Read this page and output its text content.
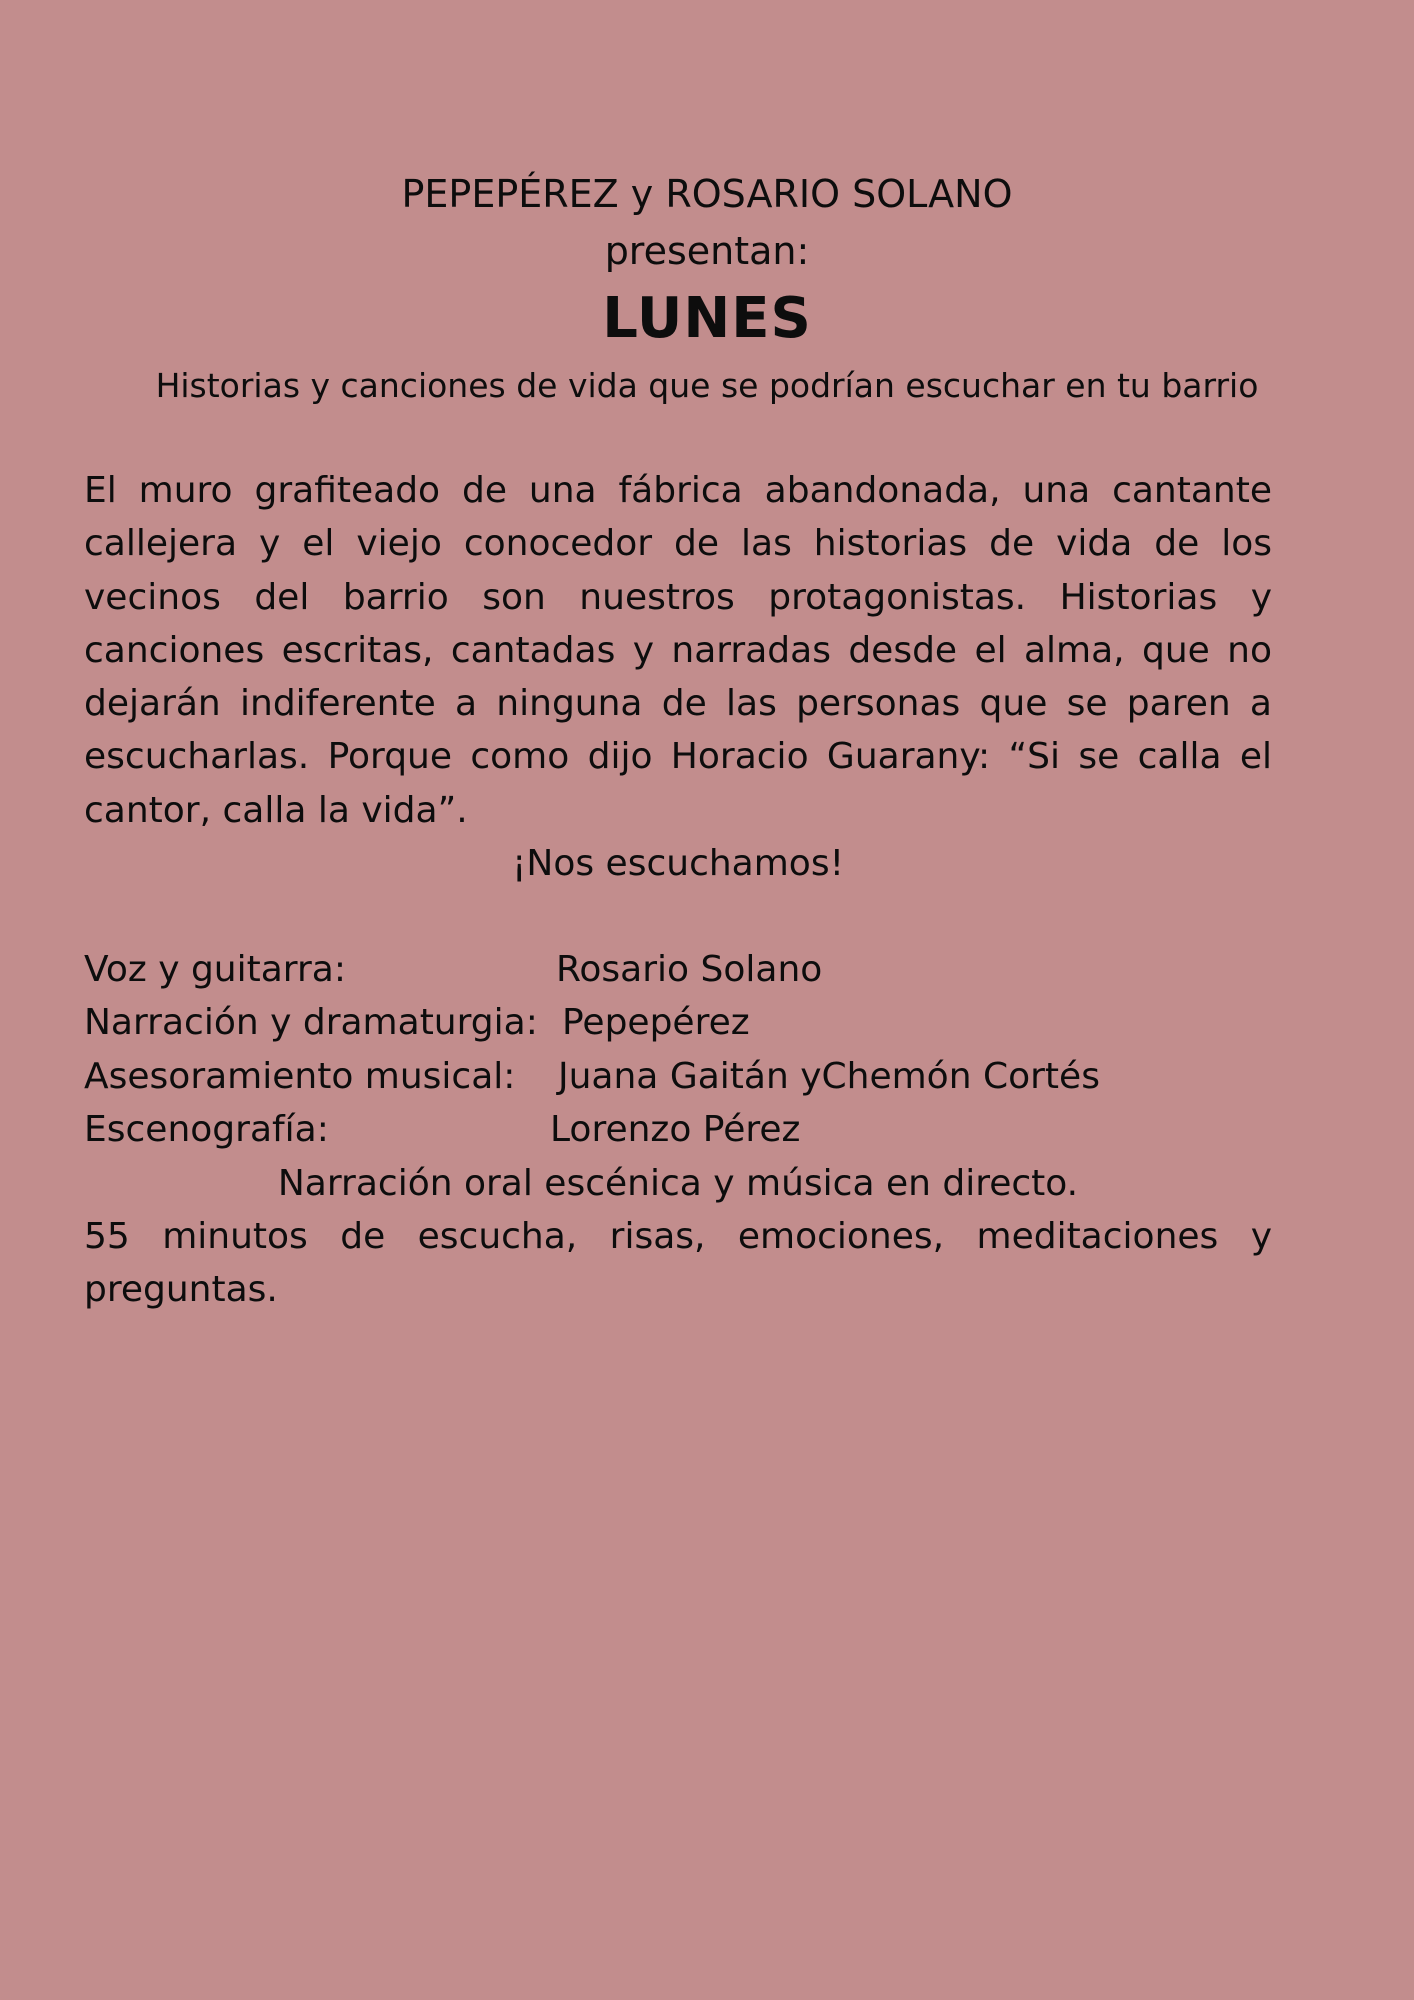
PEPEPÉREZ y ROSARIO SOLANO

presentan:

LUNES

Historias y canciones de vida que se podrían escuchar en tu barrio

El muro grafiteado de una fábrica abandonada, una cantante callejera y el viejo conocedor de las historias de vida de los vecinos del barrio son nuestros protagonistas. Historias y canciones escritas, cantadas y narradas desde el alma, que no dejarán indiferente a ninguna de las personas que se paren a escucharlas. Porque como dijo Horacio Guarany: “Si se calla el cantor, calla la vida”.

¡Nos escuchamos!

Voz y guitarra:	Rosario Solano
Narración y dramaturgia: Pepepérez
Asesoramiento musical: Juana Gaitán yChemón Cortés
Escenografía:	Lorenzo Pérez

Narración oral escénica y música en directo.

55 minutos de escucha, risas, emociones, meditaciones y preguntas.
